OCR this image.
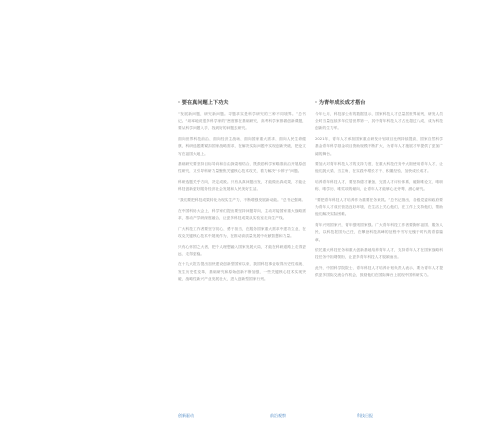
· 要在真问题上下功夫

“发展新问题，研究新问题。寻题求实是科学研究的三种不同境界。”总书记。“坦率地说很多科学家的”密度都在基础研究，高考科学家都做创新课题，要从科学问题入手，找到好的问题去研究。

面向世界科技前沿、面向经济主战场、面向国家重大需求、面向人民生命健康，科研选题要紧扣国家战略需求，在解决实际问题中实现创新突破，把论文写在祖国大地上。

基础研究要坚持目标导向和自由探索相结合，既鼓励科学家瞄准前沿开展原创性研究，又引导科研力量聚焦关键核心技术攻关，着力解决“卡脖子”问题。

科研选题关乎方向，决定成败。只有从真问题出发，才能做出真成果，才能让科技创新更好服务经济社会发展和人民美好生活。

“我们要把科技成果转化为现实生产力，不断增强发展新动能。”总书记强调。

在中国科协大会上，科学家们提出要坚持问题导向，主动对接国家重大战略需求，推动产学研深度融合，让更多科技成果从实验室走向生产线。

广大科技工作者要坚守初心、勇于担当，在服务国家重大需求中建功立业，在攻克关键核心技术中展现作为，在推动高质量发展中贡献智慧和力量。

只有心怀国之大者，把个人理想融入国家发展大局，才能在科研道路上走得更远、走得更稳。

在十九大报告提出加快建设创新型国家以来，我国科技事业取得历史性成就、发生历史性变革，基础研究和原始创新不断加强，一些关键核心技术实现突破，战略性新兴产业发展壮大，进入创新型国家行列。

· 为青年成长成才搭台

今年七月，科技部公布的数据显示，国家科技人才总量居世界前列，研发人员全时当量连续多年位居世界第一，其中青年科技人才占比超过八成，成为科技创新的生力军。

2021年，青年人才承担国家重点研发计划项目比例持续提高，国家自然科学基金青年科学基金项目资助规模不断扩大，为青年人才施展才华提供了更加广阔的舞台。

要加大对青年科技人才的支持力度，在重大科技任务中大胆使用青年人才，让他们挑大梁、当主角，在实践中增长才干、积累经验，加快成长成才。

培养青年科技人才，要坚持德才兼备，完善人才评价体系，破除唯论文、唯职称、唯学历、唯奖项的倾向，让青年人才能够心无旁骛、潜心研究。

“要把青年科技人才培养作为重要任务来抓。”总书记指出，各级党委和政府要为青年人才成长营造良好环境，在生活上关心他们，在工作上支持他们，帮助他们解决实际困难。

青年兴则国家兴，青年强则国家强。广大青年科技工作者要胸怀祖国、服务人民，以科技报国为己任，在攀登科技高峰的征程中书写无愧于时代的青春篇章。

依托重大科技任务和重大创新基地培养青年人才，支持青年人才在国家战略科技任务中担纲领衔，让更多青年科技人才脱颖而出。

此外，中国科学院院士、青年科技人才培养计划负责人表示，要为青年人才提供更多国际交流合作机会，鼓励他们在国际舞台上展现中国科研实力。

创新驱动	前沿观察	科技日报
